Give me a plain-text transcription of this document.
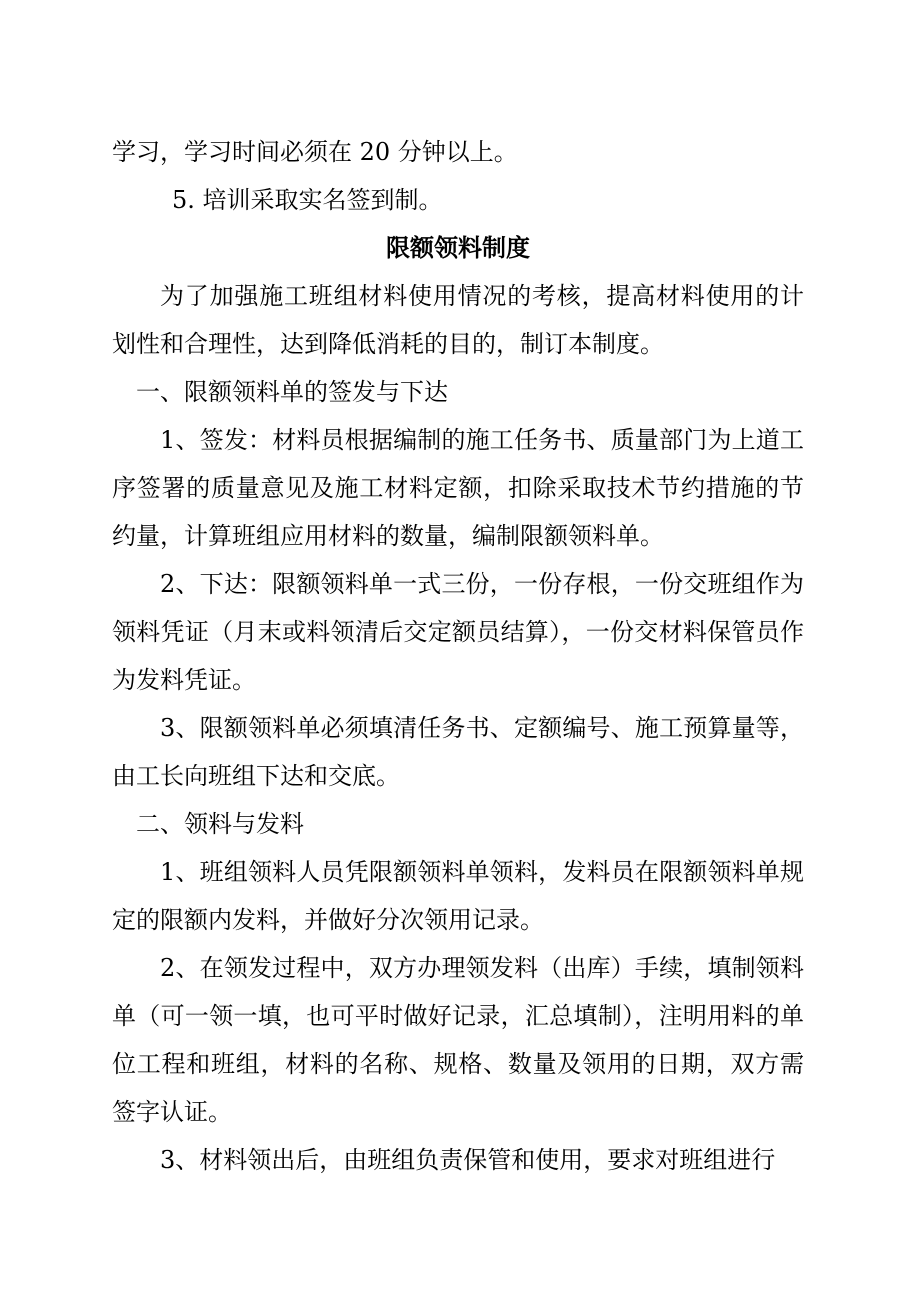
学习，学习时间必须在 20 分钟以上。

5. 培训采取实名签到制。

限额领料制度

为了加强施工班组材料使用情况的考核，提高材料使用的计划性和合理性，达到降低消耗的目的，制订本制度。

一、限额领料单的签发与下达

1、签发：材料员根据编制的施工任务书、质量部门为上道工序签署的质量意见及施工材料定额，扣除采取技术节约措施的节约量，计算班组应用材料的数量，编制限额领料单。

2、下达：限额领料单一式三份，一份存根，一份交班组作为领料凭证（月末或料领清后交定额员结算），一份交材料保管员作为发料凭证。

3、限额领料单必须填清任务书、定额编号、施工预算量等，由工长向班组下达和交底。

二、领料与发料

1、班组领料人员凭限额领料单领料，发料员在限额领料单规定的限额内发料，并做好分次领用记录。

2、在领发过程中，双方办理领发料（出库）手续，填制领料单（可一领一填，也可平时做好记录，汇总填制），注明用料的单位工程和班组，材料的名称、规格、数量及领用的日期，双方需签字认证。

3、材料领出后，由班组负责保管和使用，要求对班组进行
